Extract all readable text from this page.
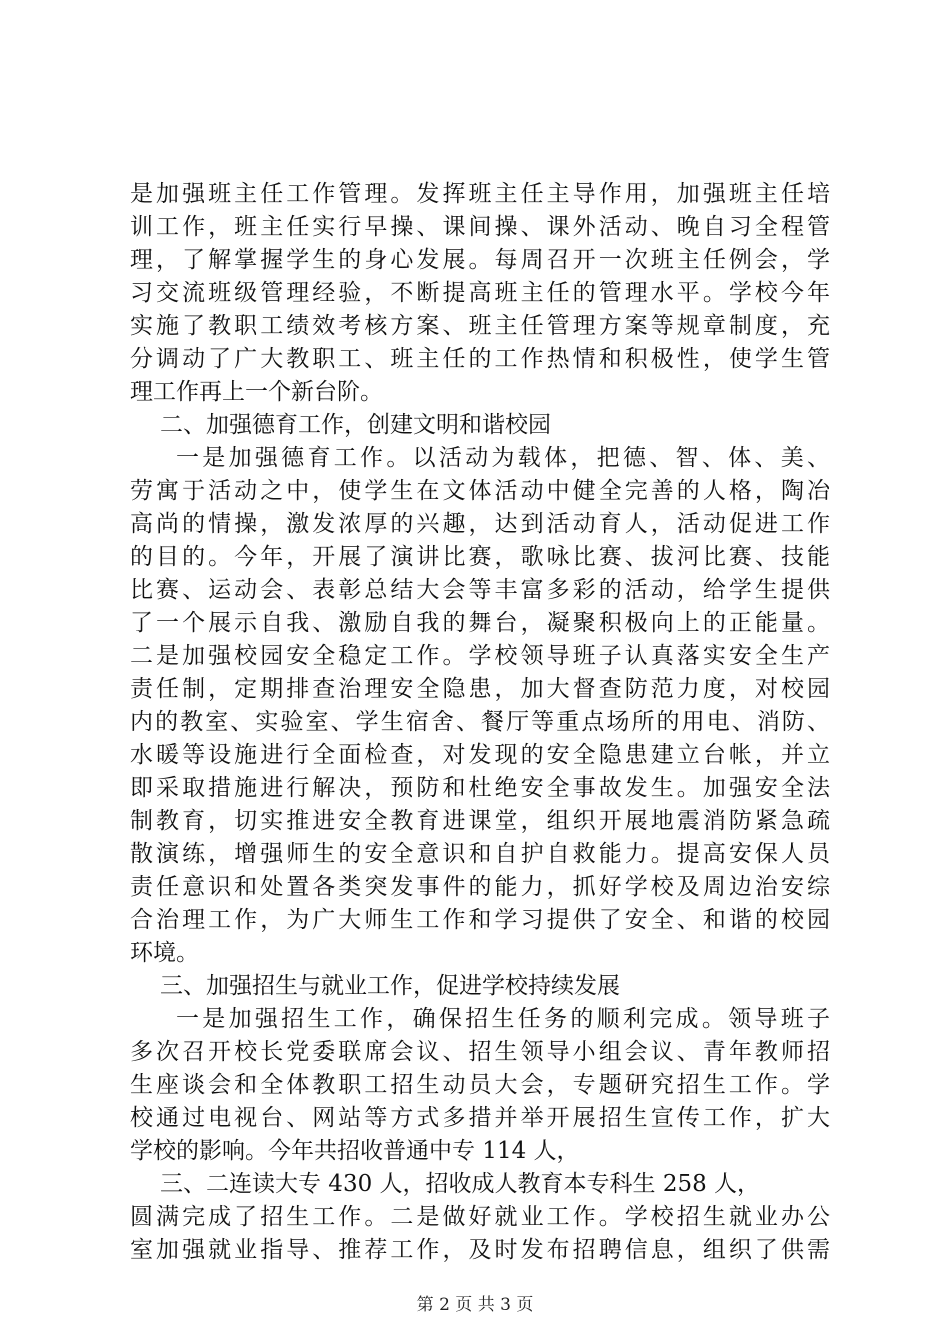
是加强班主任工作管理。发挥班主任主导作用，加强班主任培
训工作，班主任实行早操、课间操、课外活动、晚自习全程管
理，了解掌握学生的身心发展。每周召开一次班主任例会，学
习交流班级管理经验，不断提高班主任的管理水平。学校今年
实施了教职工绩效考核方案、班主任管理方案等规章制度，充
分调动了广大教职工、班主任的工作热情和积极性，使学生管
理工作再上一个新台阶。
二、加强德育工作，创建文明和谐校园
一是加强德育工作。以活动为载体，把德、智、体、美、
劳寓于活动之中，使学生在文体活动中健全完善的人格，陶冶
高尚的情操，激发浓厚的兴趣，达到活动育人，活动促进工作
的目的。今年，开展了演讲比赛，歌咏比赛、拔河比赛、技能
比赛、运动会、表彰总结大会等丰富多彩的活动，给学生提供
了一个展示自我、激励自我的舞台，凝聚积极向上的正能量。
二是加强校园安全稳定工作。学校领导班子认真落实安全生产
责任制，定期排查治理安全隐患，加大督查防范力度，对校园
内的教室、实验室、学生宿舍、餐厅等重点场所的用电、消防、
水暖等设施进行全面检查，对发现的安全隐患建立台帐，并立
即采取措施进行解决，预防和杜绝安全事故发生。加强安全法
制教育，切实推进安全教育进课堂，组织开展地震消防紧急疏
散演练，增强师生的安全意识和自护自救能力。提高安保人员
责任意识和处置各类突发事件的能力，抓好学校及周边治安综
合治理工作，为广大师生工作和学习提供了安全、和谐的校园
环境。
三、加强招生与就业工作，促进学校持续发展
一是加强招生工作，确保招生任务的顺利完成。领导班子
多次召开校长党委联席会议、招生领导小组会议、青年教师招
生座谈会和全体教职工招生动员大会，专题研究招生工作。学
校通过电视台、网站等方式多措并举开展招生宣传工作，扩大
学校的影响。今年共招收普通中专 114 人，
三、二连读大专 430 人，招收成人教育本专科生 258 人，
圆满完成了招生工作。二是做好就业工作。学校招生就业办公
室加强就业指导、推荐工作，及时发布招聘信息，组织了供需
第 2 页 共 3 页
